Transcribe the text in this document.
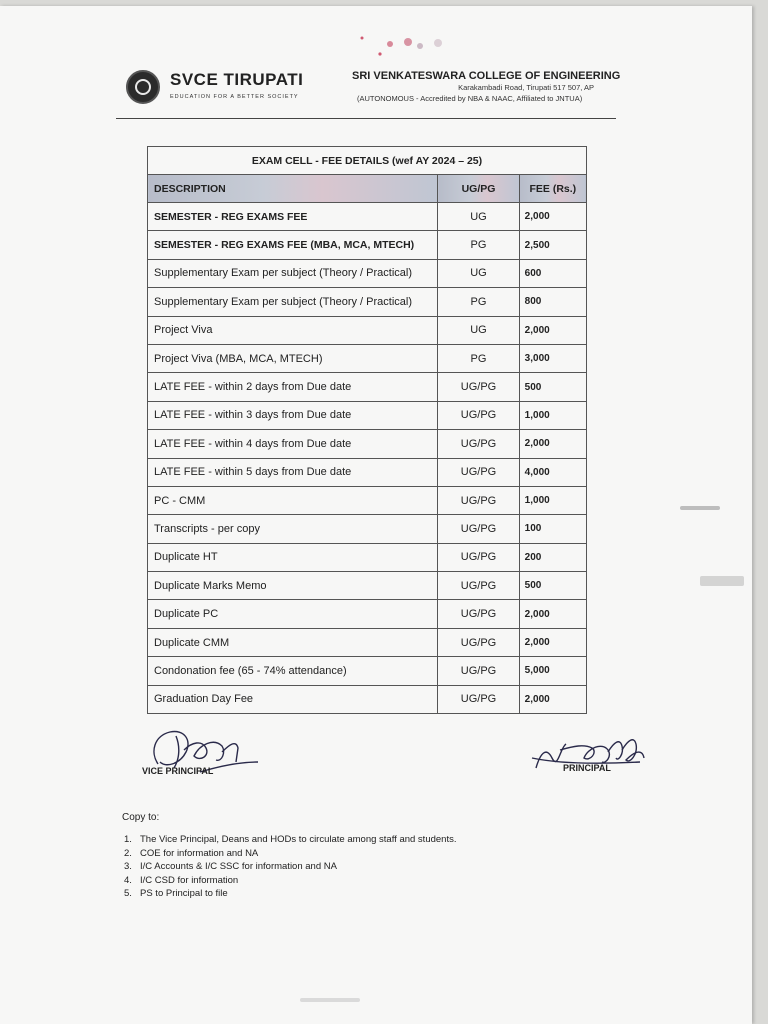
SVCE TIRUPATI
EDUCATION FOR A BETTER SOCIETY
SRI VENKATESWARA COLLEGE OF ENGINEERING
Karakambadi Road, Tirupati 517 507, AP
(AUTONOMOUS - Accredited by NBA & NAAC, Affiliated to JNTUA)
EXAM CELL - FEE DETAILS (wef AY 2024 – 25)		
DESCRIPTION	UG/PG	FEE (Rs.)
SEMESTER - REG EXAMS FEE	UG	2,000
SEMESTER - REG EXAMS FEE (MBA, MCA, MTECH)	PG	2,500
Supplementary Exam per subject (Theory / Practical)	UG	600
Supplementary Exam per subject (Theory / Practical)	PG	800
Project Viva	UG	2,000
Project Viva (MBA, MCA, MTECH)	PG	3,000
LATE FEE - within 2 days from Due date	UG/PG	500
LATE FEE - within 3 days from Due date	UG/PG	1,000
LATE FEE - within 4 days from Due date	UG/PG	2,000
LATE FEE - within 5 days from Due date	UG/PG	4,000
PC - CMM	UG/PG	1,000
Transcripts - per copy	UG/PG	100
Duplicate HT	UG/PG	200
Duplicate Marks Memo	UG/PG	500
Duplicate PC	UG/PG	2,000
Duplicate CMM	UG/PG	2,000
Condonation fee (65 - 74% attendance)	UG/PG	5,000
Graduation Day Fee	UG/PG	2,000
VICE PRINCIPAL	PRINCIPAL
Copy to:
1. The Vice Principal, Deans and HODs to circulate among staff and students.
2. COE for information and NA
3. I/C Accounts & I/C SSC for information and NA
4. I/C CSD for information
5. PS to Principal to file
